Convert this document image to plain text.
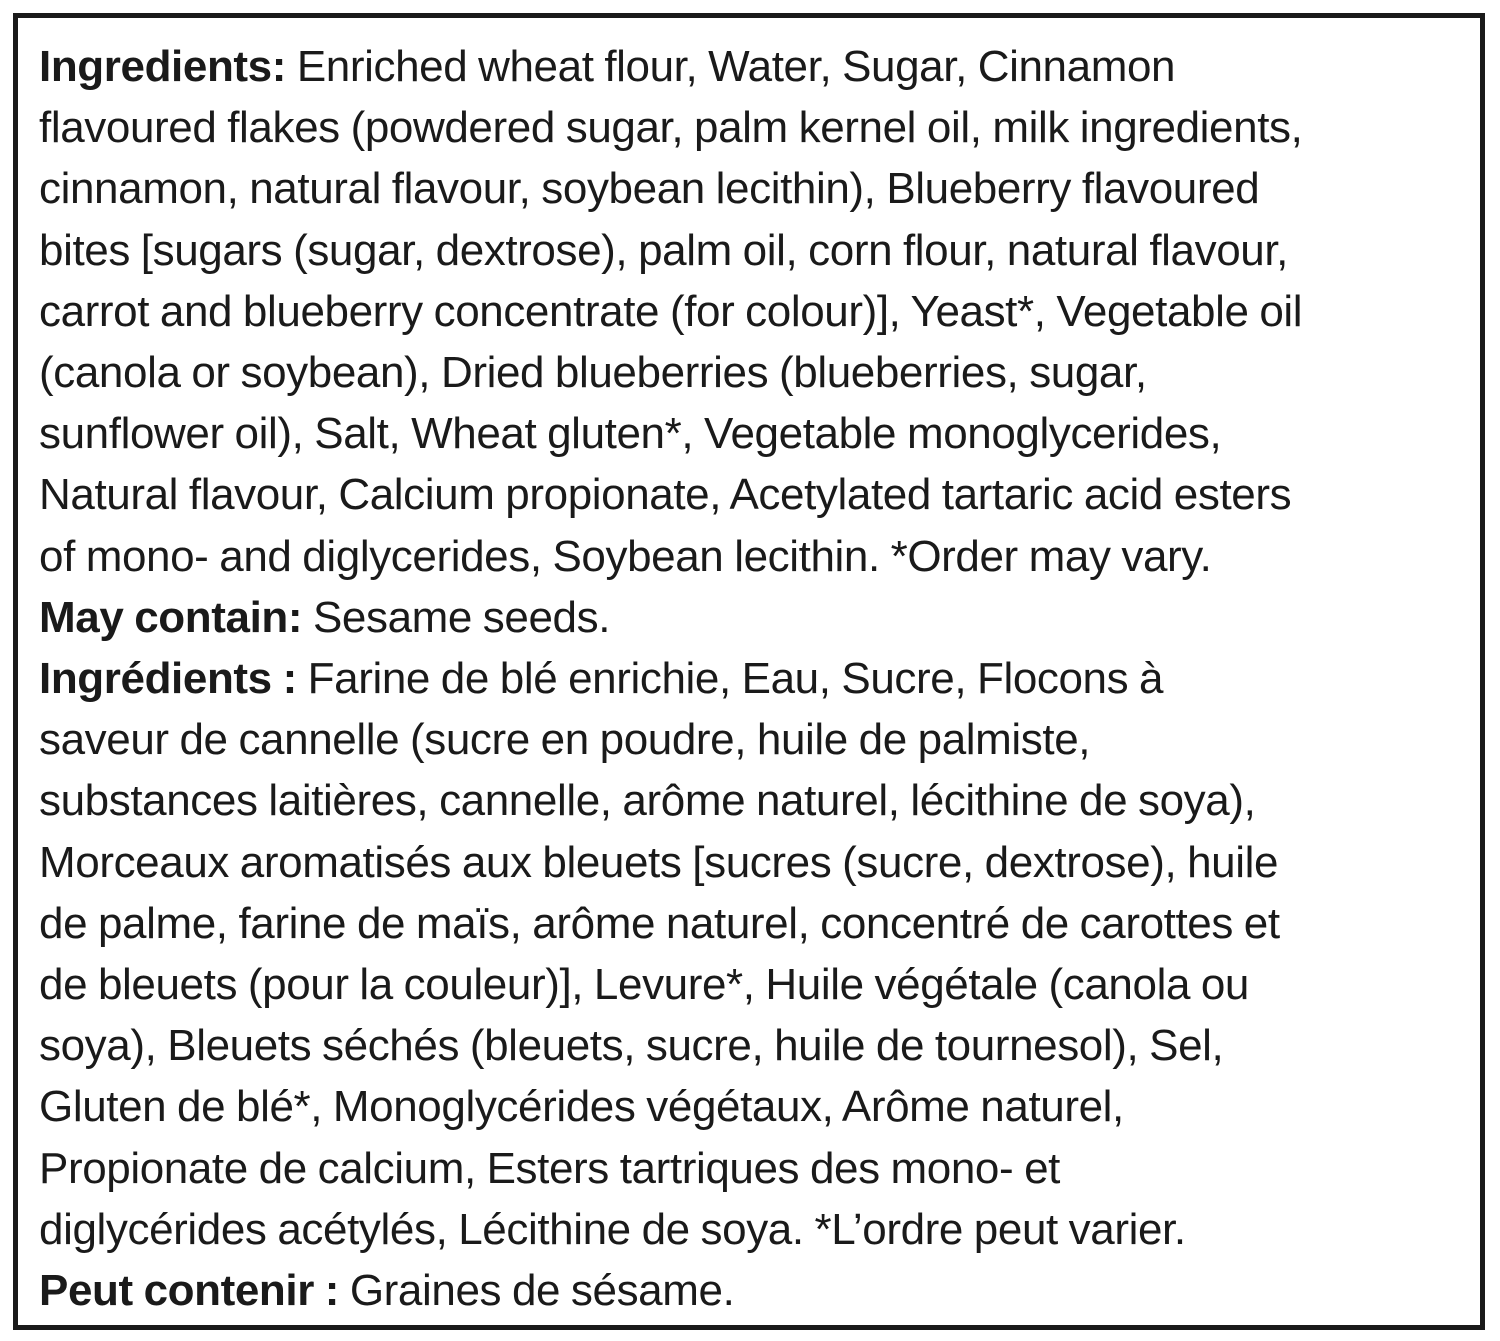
Ingredients: Enriched wheat flour, Water, Sugar, Cinnamon
flavoured flakes (powdered sugar, palm kernel oil, milk ingredients,
cinnamon, natural flavour, soybean lecithin), Blueberry flavoured
bites [sugars (sugar, dextrose), palm oil, corn flour, natural flavour,
carrot and blueberry concentrate (for colour)], Yeast*, Vegetable oil
(canola or soybean), Dried blueberries (blueberries, sugar,
sunflower oil), Salt, Wheat gluten*, Vegetable monoglycerides,
Natural flavour, Calcium propionate, Acetylated tartaric acid esters
of mono- and diglycerides, Soybean lecithin. *Order may vary.
May contain: Sesame seeds.
Ingrédients : Farine de blé enrichie, Eau, Sucre, Flocons à
saveur de cannelle (sucre en poudre, huile de palmiste,
substances laitières, cannelle, arôme naturel, lécithine de soya),
Morceaux aromatisés aux bleuets [sucres (sucre, dextrose), huile
de palme, farine de maïs, arôme naturel, concentré de carottes et
de bleuets (pour la couleur)], Levure*, Huile végétale (canola ou
soya), Bleuets séchés (bleuets, sucre, huile de tournesol), Sel,
Gluten de blé*, Monoglycérides végétaux, Arôme naturel,
Propionate de calcium, Esters tartriques des mono- et
diglycérides acétylés, Lécithine de soya. *L’ordre peut varier.
Peut contenir : Graines de sésame.
